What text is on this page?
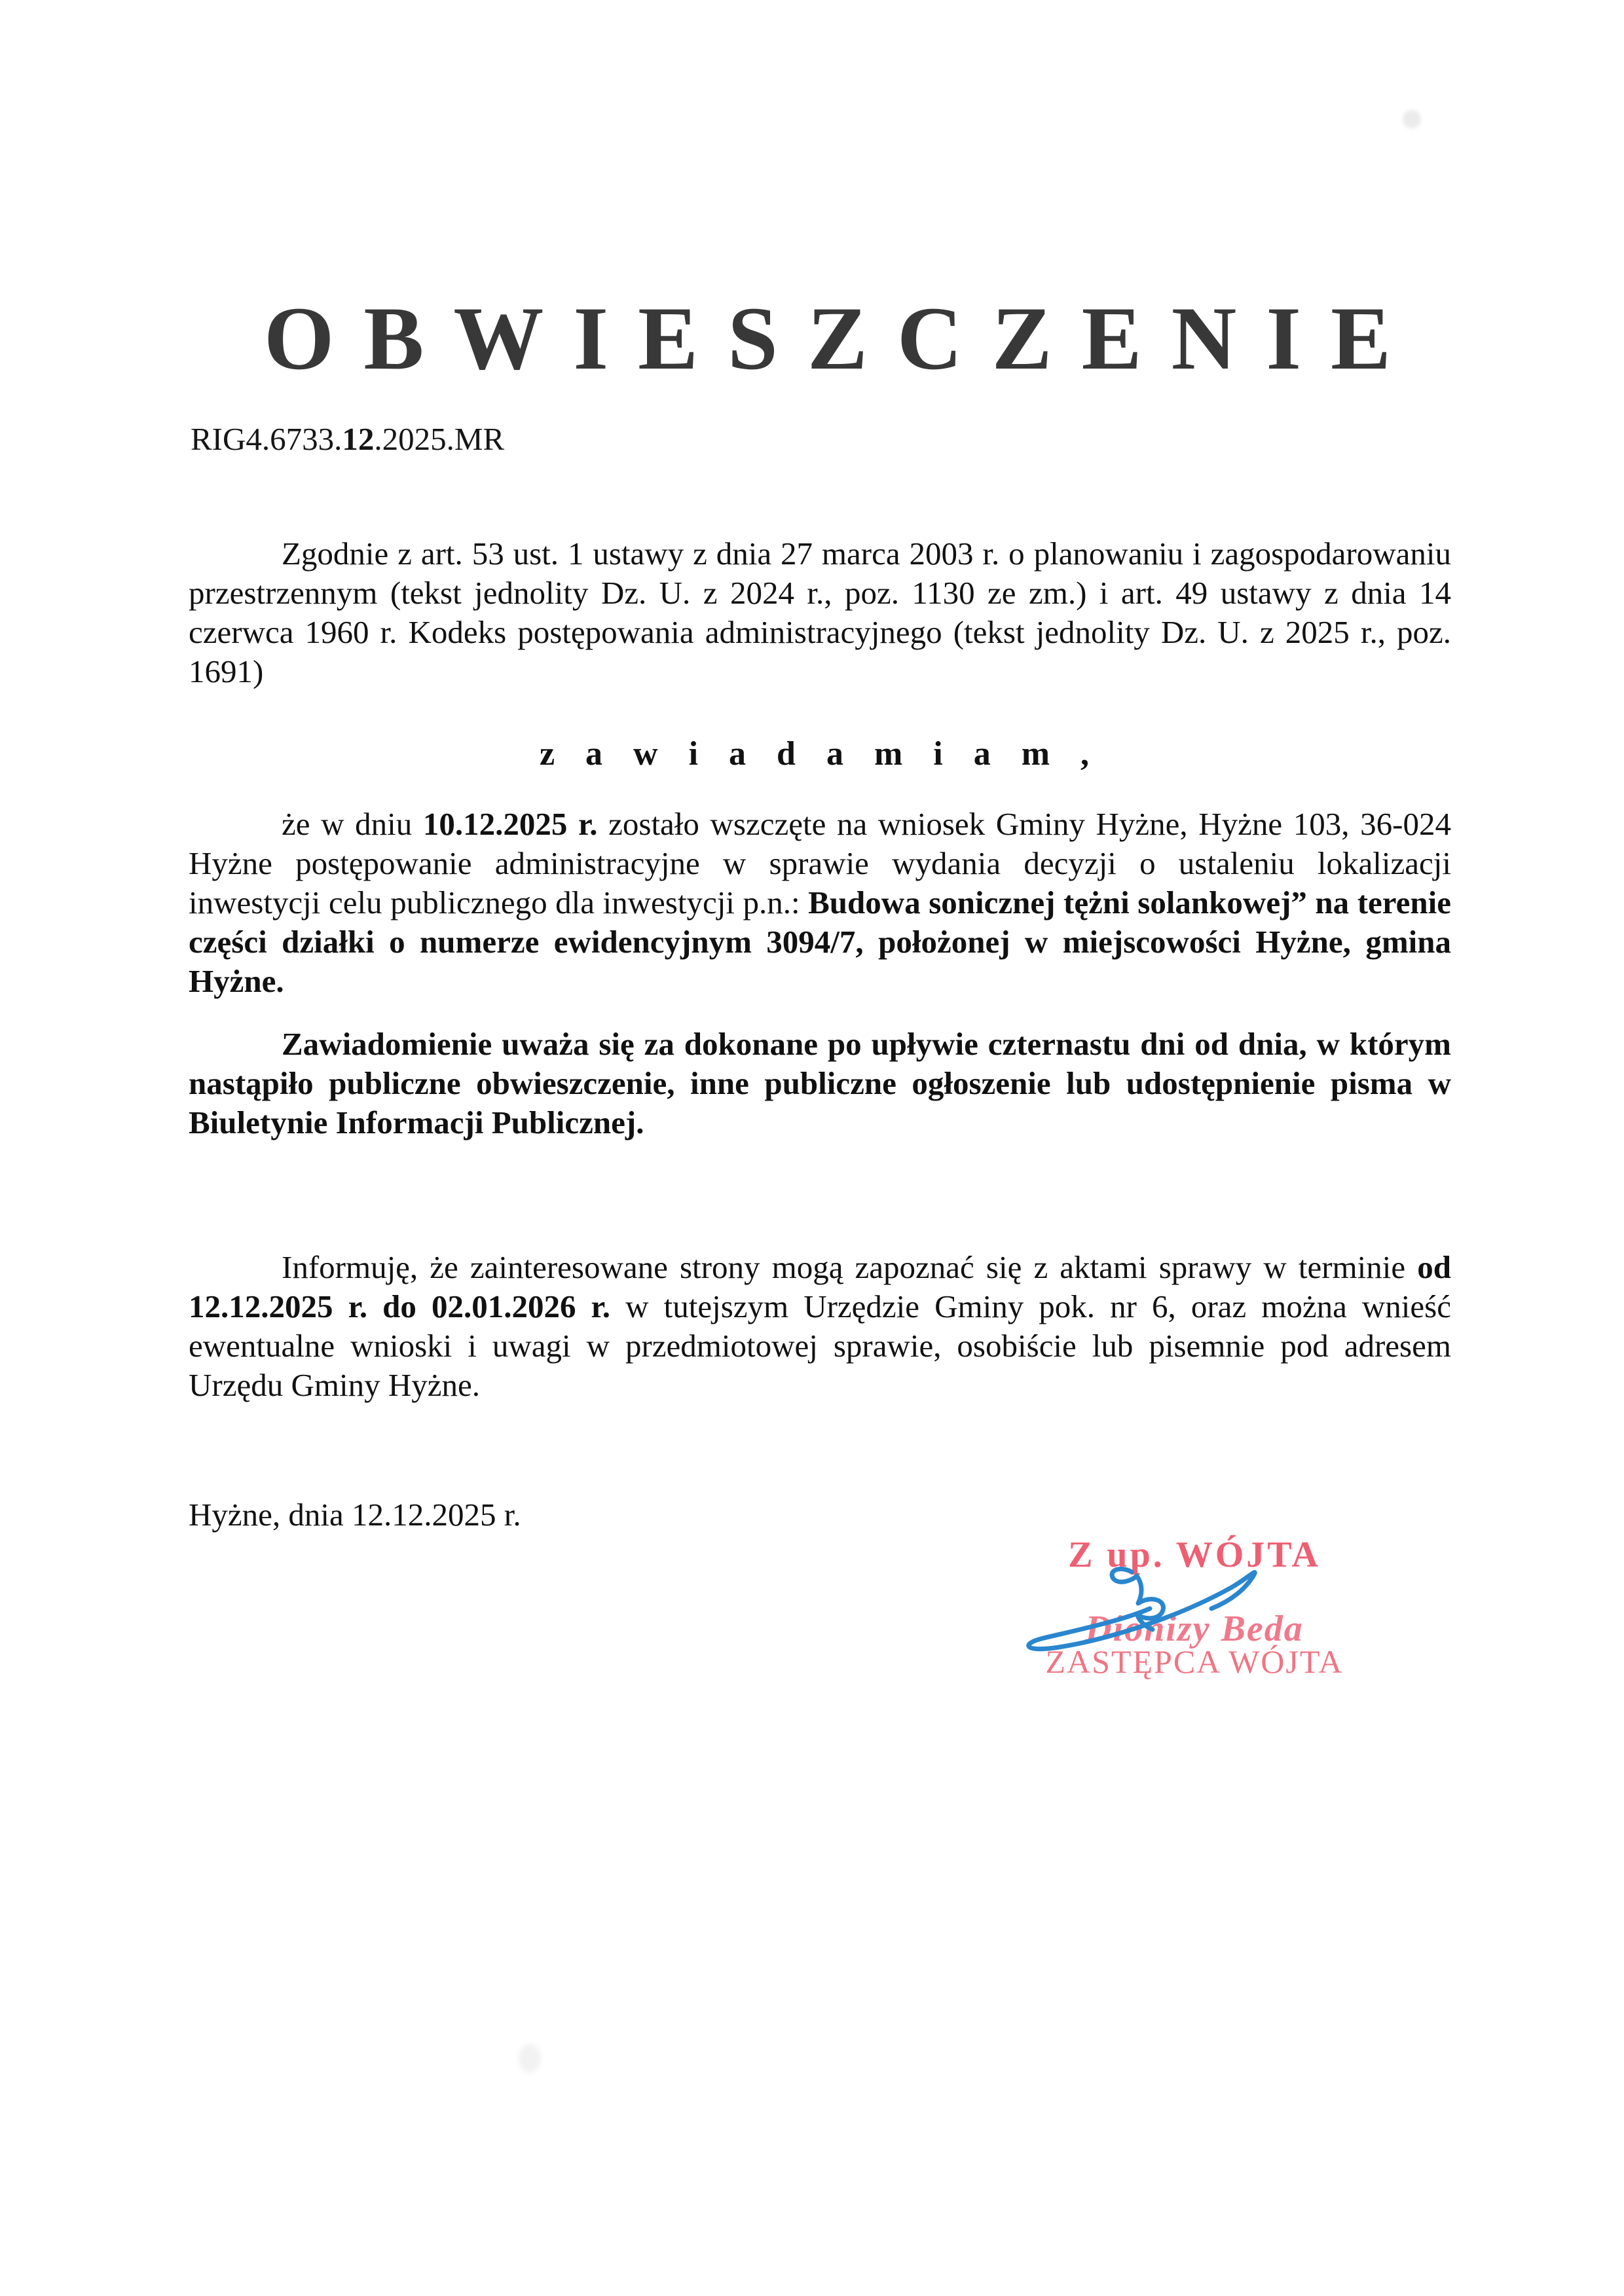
OBWIESZCZENIE
RIG4.6733.12.2025.MR
Zgodnie z art. 53 ust. 1 ustawy z dnia 27 marca 2003 r. o planowaniu i zagospodarowaniu przestrzennym (tekst jednolity Dz. U. z 2024 r., poz. 1130 ze zm.) i art. 49 ustawy z dnia 14 czerwca 1960 r. Kodeks postępowania administracyjnego (tekst jednolity Dz. U. z 2025 r., poz. 1691)
z a w i a d a m i a m ,
że w dniu 10.12.2025 r. zostało wszczęte na wniosek Gminy Hyżne, Hyżne 103, 36-024 Hyżne postępowanie administracyjne w sprawie wydania decyzji o ustaleniu lokalizacji inwestycji celu publicznego dla inwestycji p.n.: Budowa sonicznej tężni solankowej” na terenie części działki o numerze ewidencyjnym 3094/7, położonej w miejscowości Hyżne, gmina Hyżne.
Zawiadomienie uważa się za dokonane po upływie czternastu dni od dnia, w którym nastąpiło publiczne obwieszczenie, inne publiczne ogłoszenie lub udostępnienie pisma w Biuletynie Informacji Publicznej.
Informuję, że zainteresowane strony mogą zapoznać się z aktami sprawy w terminie od 12.12.2025 r. do 02.01.2026 r. w tutejszym Urzędzie Gminy pok. nr 6, oraz można wnieść ewentualne wnioski i uwagi w przedmiotowej sprawie, osobiście lub pisemnie pod adresem Urzędu Gminy Hyżne.
Hyżne, dnia 12.12.2025 r.
Z up. WÓJTA
Dionizy Beda
ZASTĘPCA WÓJTA
